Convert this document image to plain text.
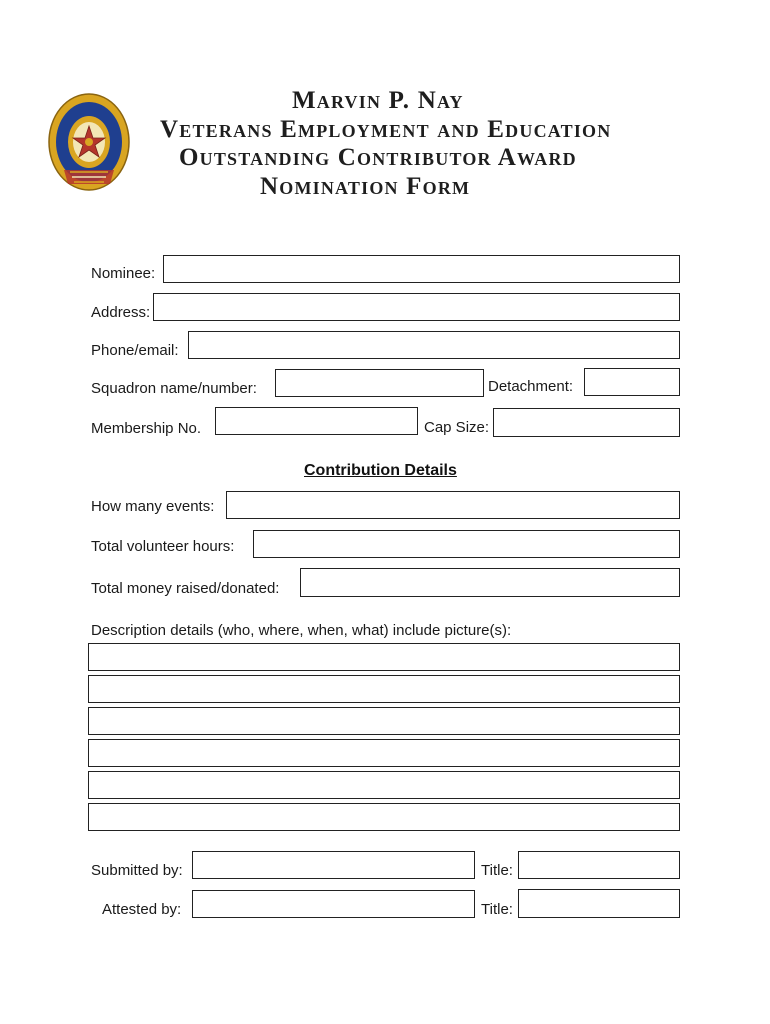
Marvin P. Nay
Veterans Employment and Education
Outstanding Contributor Award
Nomination Form
Nominee:
Address:
Phone/email:
Squadron name/number:	Detachment:
Membership No.	Cap Size:
Contribution Details
How many events:
Total volunteer hours:
Total money raised/donated:
Description details (who, where, when, what) include picture(s):
Submitted by:	Title:
Attested by:	Title:
